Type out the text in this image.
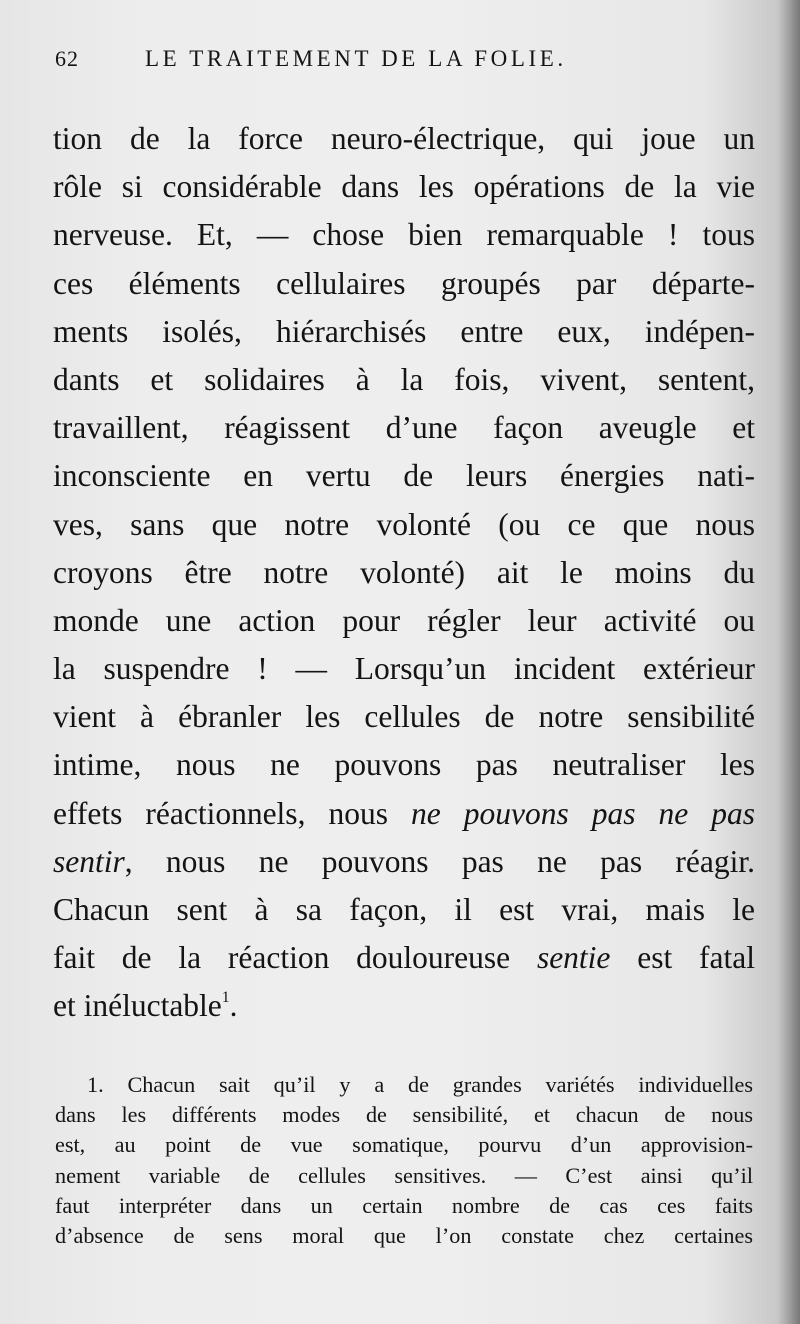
62	LE TRAITEMENT DE LA FOLIE.
tion de la force neuro-électrique, qui joue un
rôle si considérable dans les opérations de la vie
nerveuse. Et, — chose bien remarquable ! tous
ces éléments cellulaires groupés par départe-
ments isolés, hiérarchisés entre eux, indépen-
dants et solidaires à la fois, vivent, sentent,
travaillent, réagissent d’une façon aveugle et
inconsciente en vertu de leurs énergies nati-
ves, sans que notre volonté (ou ce que nous
croyons être notre volonté) ait le moins du
monde une action pour régler leur activité ou
la suspendre ! — Lorsqu’un incident extérieur
vient à ébranler les cellules de notre sensibilité
intime, nous ne pouvons pas neutraliser les
effets réactionnels, nous ne pouvons pas ne pas
sentir, nous ne pouvons pas ne pas réagir.
Chacun sent à sa façon, il est vrai, mais le
fait de la réaction douloureuse sentie est fatal
et inéluctable$^1$.
1. Chacun sait qu’il y a de grandes variétés individuelles
dans les différents modes de sensibilité, et chacun de nous
est, au point de vue somatique, pourvu d’un approvision-
nement variable de cellules sensitives. — C’est ainsi qu’il
faut interpréter dans un certain nombre de cas ces faits
d’absence de sens moral que l’on constate chez certaines
